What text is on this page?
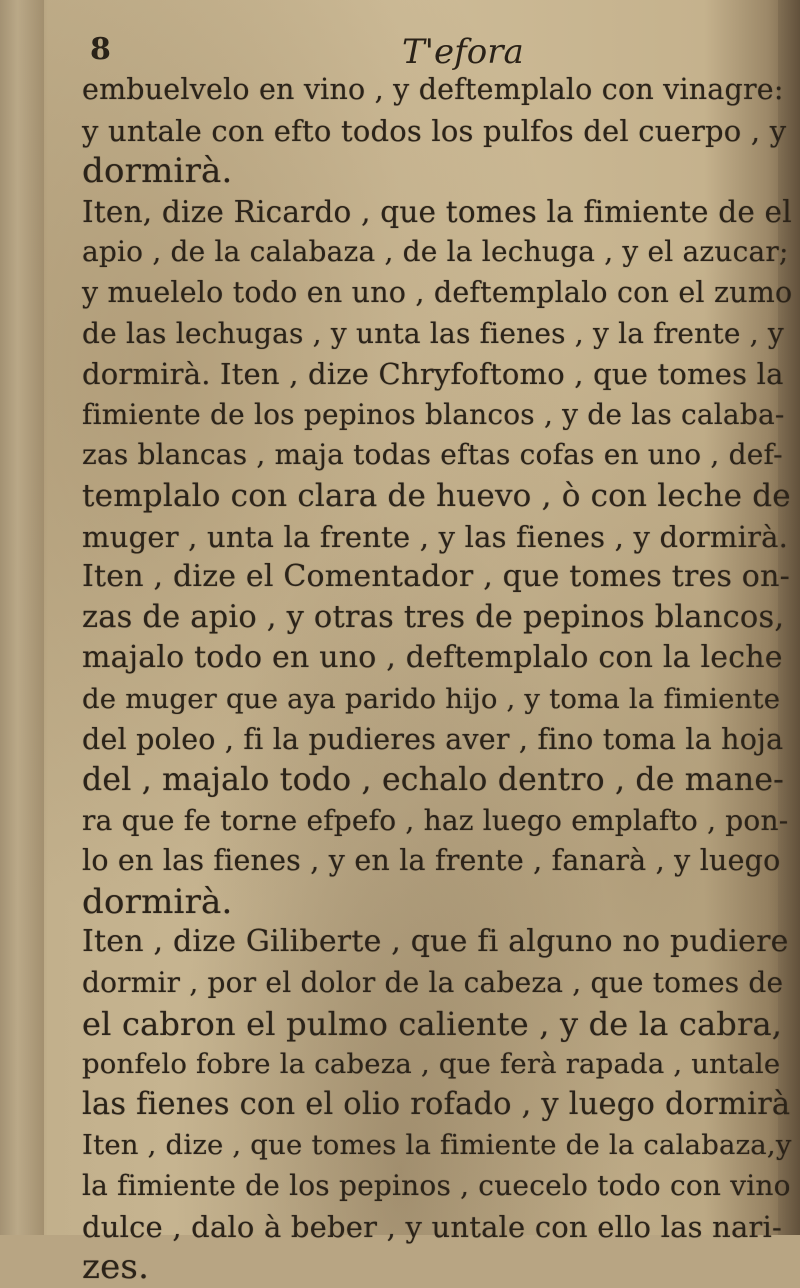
8	T'efora
embuelvelo en vino , y deftemplalo con vinagre:
y untale con efto todos los pulfos del cuerpo , y
dormirà.
Iten, dize Ricardo , que tomes la fimiente de el
apio , de la calabaza , de la lechuga , y el azucar;
y muelelo todo en uno , deftemplalo con el zumo
de las lechugas , y unta las fienes , y la frente , y
dormirà. Iten , dize Chryfoftomo , que tomes la
fimiente de los pepinos blancos , y de las calaba-
zas blancas , maja todas eftas cofas en uno , def-
templalo con clara de huevo , ò con leche de
muger , unta la frente , y las fienes , y dormirà.
Iten , dize el Comentador , que tomes tres on-
zas de apio , y otras tres de pepinos blancos,
majalo todo en uno , deftemplalo con la leche
de muger que aya parido hijo , y toma la fimiente
del poleo , fi la pudieres aver , fino toma la hoja
del , majalo todo , echalo dentro , de mane-
ra que fe torne efpefo , haz luego emplafto , pon-
lo en las fienes , y en la frente , fanarà , y luego
dormirà.
Iten , dize Giliberte , que fi alguno no pudiere
dormir , por el dolor de la cabeza , que tomes de
el cabron el pulmo caliente , y de la cabra,
ponfelo fobre la cabeza , que ferà rapada , untale
las fienes con el olio rofado , y luego dormirà
Iten , dize , que tomes la fimiente de la calabaza,y
la fimiente de los pepinos , cuecelo todo con vino
dulce , dalo à beber , y untale con ello las nari-
zes.
